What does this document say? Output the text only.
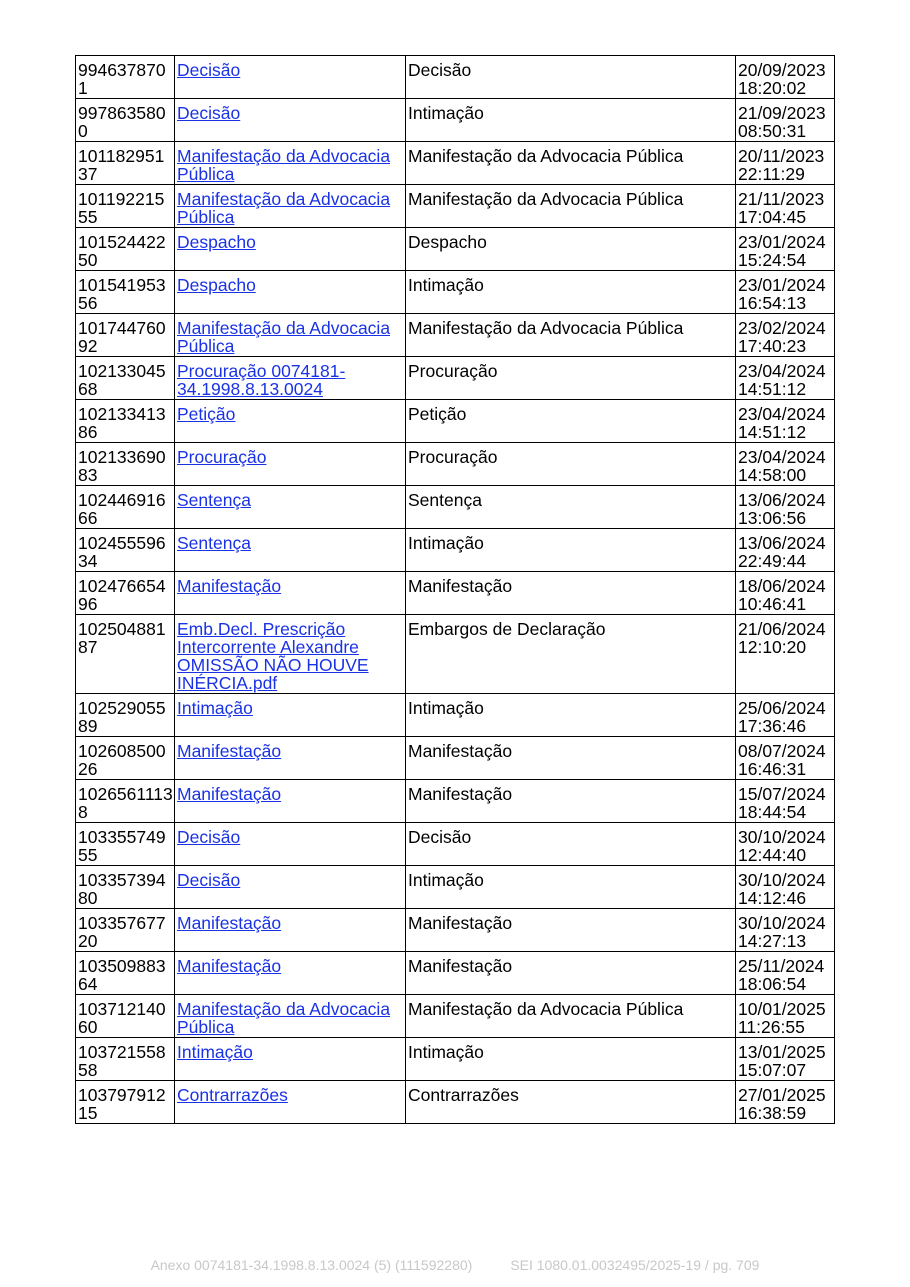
9946378701	Decisão	Decisão	20/09/2023 18:20:02
9978635800	Decisão	Intimação	21/09/2023 08:50:31
10118295137	Manifestação da Advocacia Pública	Manifestação da Advocacia Pública	20/11/2023 22:11:29
10119221555	Manifestação da Advocacia Pública	Manifestação da Advocacia Pública	21/11/2023 17:04:45
10152442250	Despacho	Despacho	23/01/2024 15:24:54
10154195356	Despacho	Intimação	23/01/2024 16:54:13
10174476092	Manifestação da Advocacia Pública	Manifestação da Advocacia Pública	23/02/2024 17:40:23
10213304568	Procuração 0074181-34.1998.8.13.0024	Procuração	23/04/2024 14:51:12
10213341386	Petição	Petição	23/04/2024 14:51:12
10213369083	Procuração	Procuração	23/04/2024 14:58:00
10244691666	Sentença	Sentença	13/06/2024 13:06:56
10245559634	Sentença	Intimação	13/06/2024 22:49:44
10247665496	Manifestação	Manifestação	18/06/2024 10:46:41
10250488187	Emb.Decl. Prescrição Intercorrente Alexandre OMISSÃO NÃO HOUVE INÉRCIA.pdf	Embargos de Declaração	21/06/2024 12:10:20
10252905589	Intimação	Intimação	25/06/2024 17:36:46
10260850026	Manifestação	Manifestação	08/07/2024 16:46:31
10265611138	Manifestação	Manifestação	15/07/2024 18:44:54
10335574955	Decisão	Decisão	30/10/2024 12:44:40
10335739480	Decisão	Intimação	30/10/2024 14:12:46
10335767720	Manifestação	Manifestação	30/10/2024 14:27:13
10350988364	Manifestação	Manifestação	25/11/2024 18:06:54
10371214060	Manifestação da Advocacia Pública	Manifestação da Advocacia Pública	10/01/2025 11:26:55
10372155858	Intimação	Intimação	13/01/2025 15:07:07
10379791215	Contrarrazões	Contrarrazões	27/01/2025 16:38:59
Anexo 0074181-34.1998.8.13.0024 (5) (111592280)	SEI 1080.01.0032495/2025-19 / pg. 709
